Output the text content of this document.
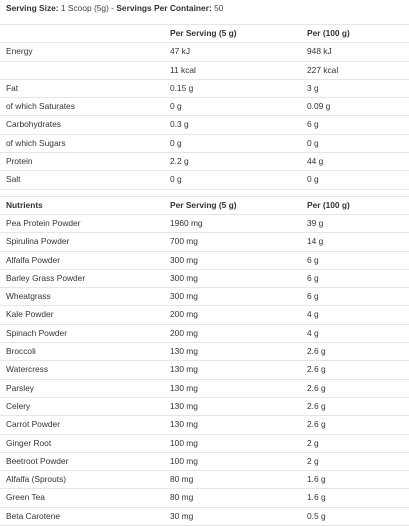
Serving Size: 1 Scoop (5g) - Servings Per Container: 50
	Per Serving (5 g)	Per (100 g)
Energy	47 kJ	948 kJ
	11 kcal	227 kcal
Fat	0.15 g	3 g
of which Saturates	0 g	0.09 g
Carbohydrates	0.3 g	6 g
of which Sugars	0 g	0 g
Protein	2.2 g	44 g
Salt	0 g	0 g

Nutrients	Per Serving (5 g)	Per (100 g)
Pea Protein Powder	1960 mg	39 g
Spirulina Powder	700 mg	14 g
Alfalfa Powder	300 mg	6 g
Barley Grass Powder	300 mg	6 g
Wheatgrass	300 mg	6 g
Kale Powder	200 mg	4 g
Spinach Powder	200 mg	4 g
Broccoli	130 mg	2.6 g
Watercress	130 mg	2.6 g
Parsley	130 mg	2.6 g
Celery	130 mg	2.6 g
Carrot Powder	130 mg	2.6 g
Ginger Root	100 mg	2 g
Beetroot Powder	100 mg	2 g
Alfalfa (Sprouts)	80 mg	1.6 g
Green Tea	80 mg	1.6 g
Beta Carotene	30 mg	0.5 g
